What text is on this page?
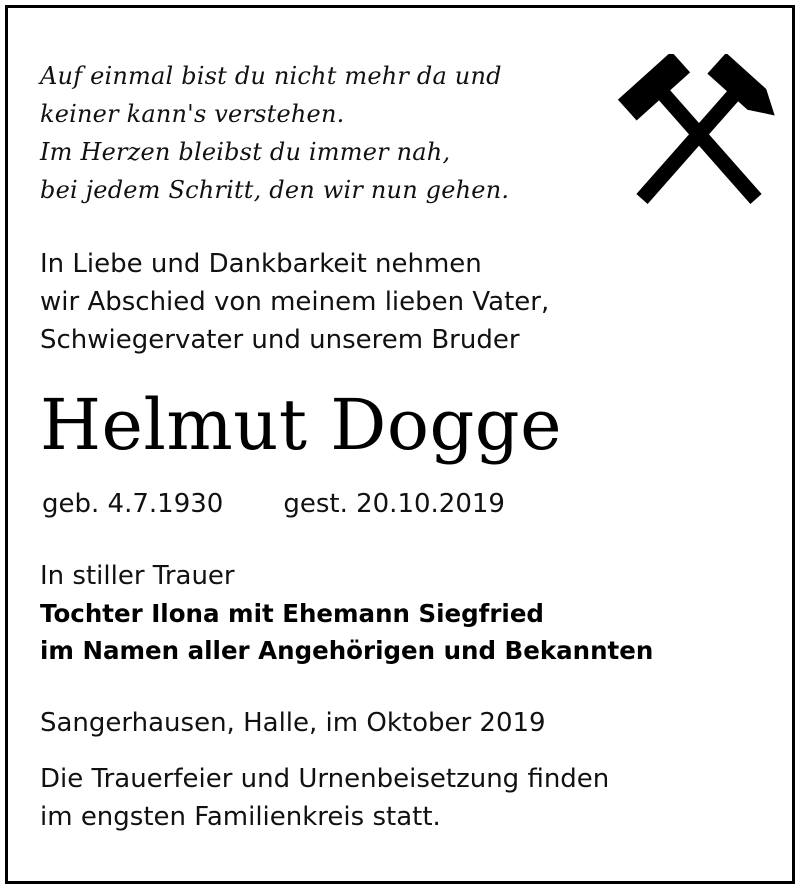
Auf einmal bist du nicht mehr da und
keiner kann's verstehen.
Im Herzen bleibst du immer nah,
bei jedem Schritt, den wir nun gehen.
In Liebe und Dankbarkeit nehmen
wir Abschied von meinem lieben Vater,
Schwiegervater und unserem Bruder
Helmut Dogge
geb. 4.7.1930 gest. 20.10.2019
In stiller Trauer
Tochter Ilona mit Ehemann Siegfried
im Namen aller Angehörigen und Bekannten
Sangerhausen, Halle, im Oktober 2019
Die Trauerfeier und Urnenbeisetzung finden
im engsten Familienkreis statt.
